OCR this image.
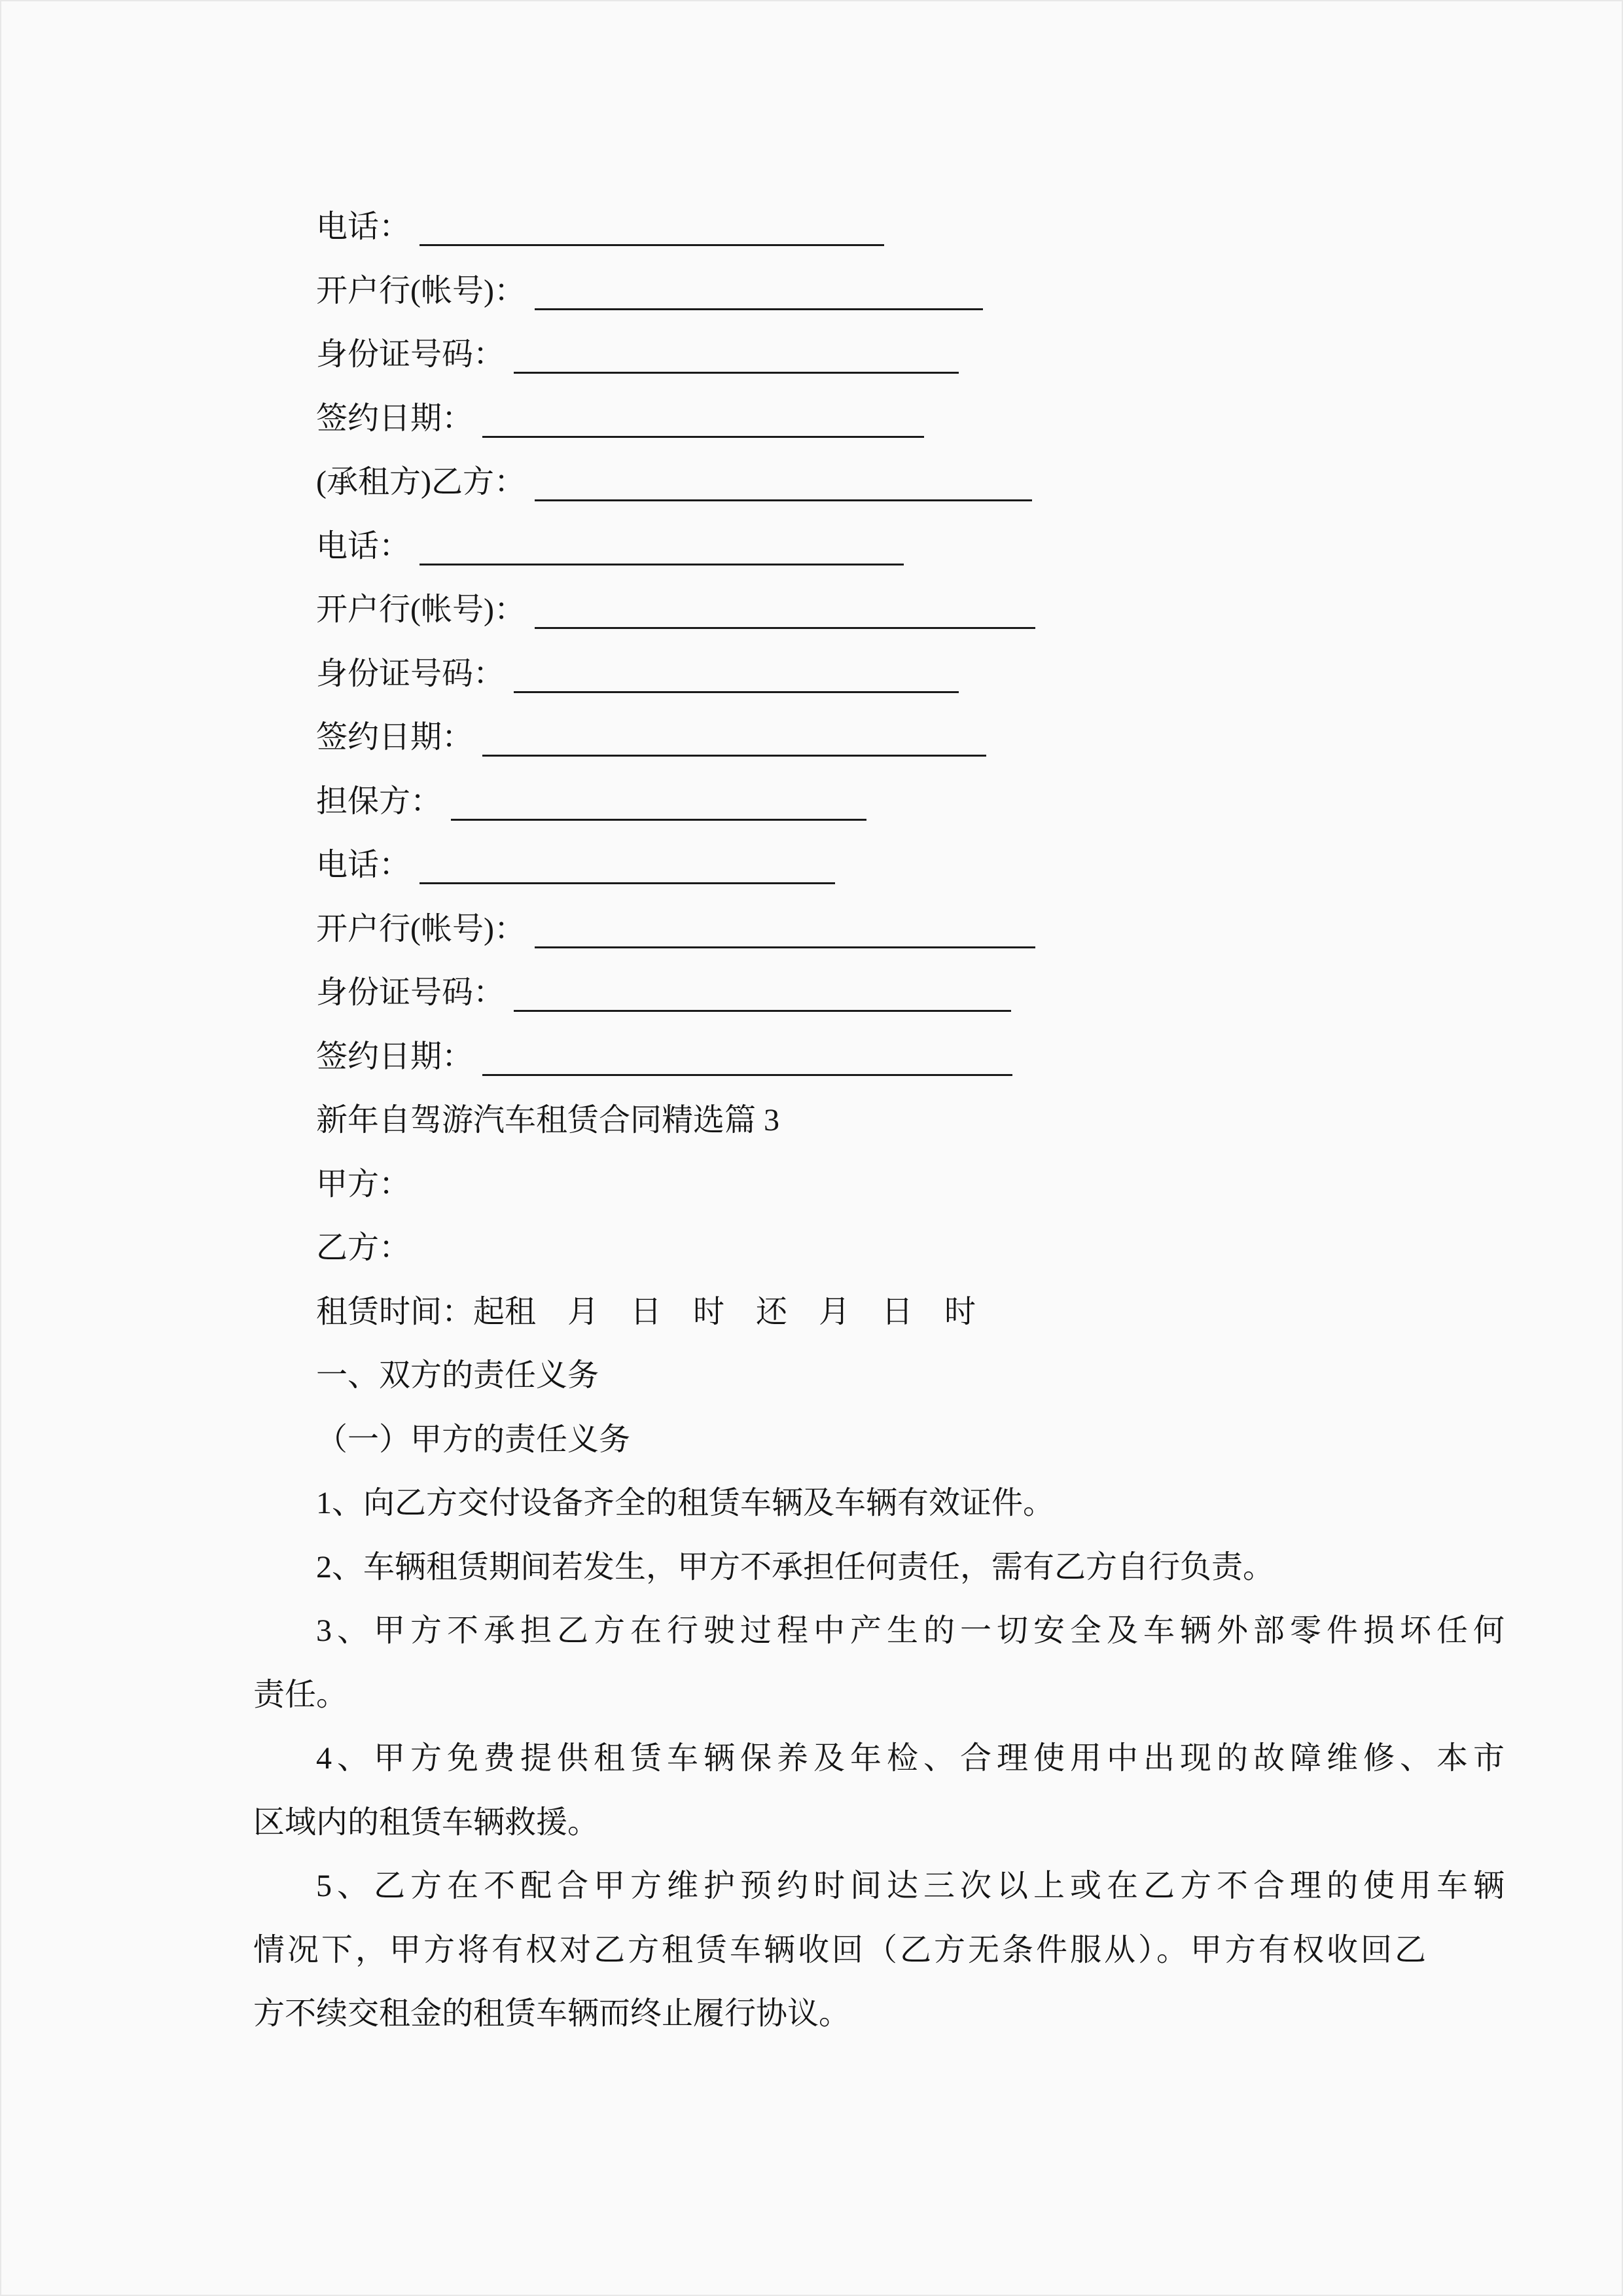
电话：
开户行(帐号)：
身份证号码：
签约日期：
(承租方)乙方：
电话：
开户行(帐号)：
身份证号码：
签约日期：
担保方：
电话：
开户行(帐号)：
身份证号码：
签约日期：
新年自驾游汽车租赁合同精选篇 3
甲方：
乙方：
租赁时间：起租　月　日　时　还　月　日　时
一、双方的责任义务
（一）甲方的责任义务
1、向乙方交付设备齐全的租赁车辆及车辆有效证件。
2、车辆租赁期间若发生，甲方不承担任何责任，需有乙方自行负责。
3、甲方不承担乙方在行驶过程中产生的一切安全及车辆外部零件损坏任何
责任。
4、甲方免费提供租赁车辆保养及年检、合理使用中出现的故障维修、本市
区域内的租赁车辆救援。
5、乙方在不配合甲方维护预约时间达三次以上或在乙方不合理的使用车辆
情况下，甲方将有权对乙方租赁车辆收回（乙方无条件服从）。甲方有权收回乙
方不续交租金的租赁车辆而终止履行协议。
